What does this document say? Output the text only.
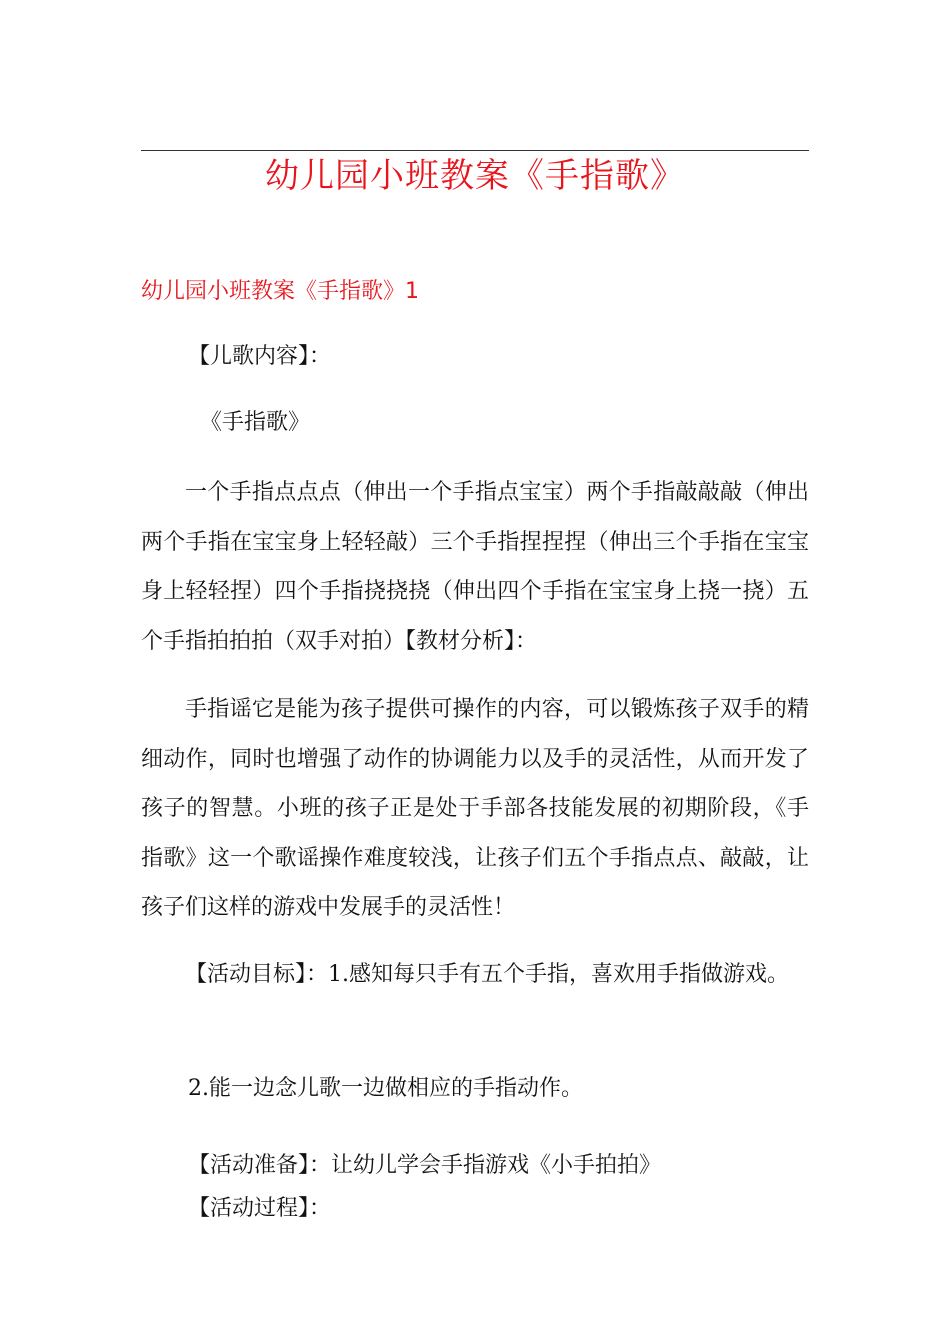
幼儿园小班教案《手指歌》
幼儿园小班教案《手指歌》1
【儿歌内容】：
《手指歌》
一个手指点点点（伸出一个手指点宝宝）两个手指敲敲敲（伸出两个手指在宝宝身上轻轻敲）三个手指捏捏捏（伸出三个手指在宝宝身上轻轻捏）四个手指挠挠挠（伸出四个手指在宝宝身上挠一挠）五个手指拍拍拍（双手对拍）【教材分析】：
手指谣它是能为孩子提供可操作的内容，可以锻炼孩子双手的精细动作，同时也增强了动作的协调能力以及手的灵活性，从而开发了孩子的智慧。小班的孩子正是处于手部各技能发展的初期阶段，《手指歌》这一个歌谣操作难度较浅，让孩子们五个手指点点、敲敲，让孩子们这样的游戏中发展手的灵活性！
【活动目标】：1.感知每只手有五个手指，喜欢用手指做游戏。
2.能一边念儿歌一边做相应的手指动作。
【活动准备】：让幼儿学会手指游戏《小手拍拍》
【活动过程】：
